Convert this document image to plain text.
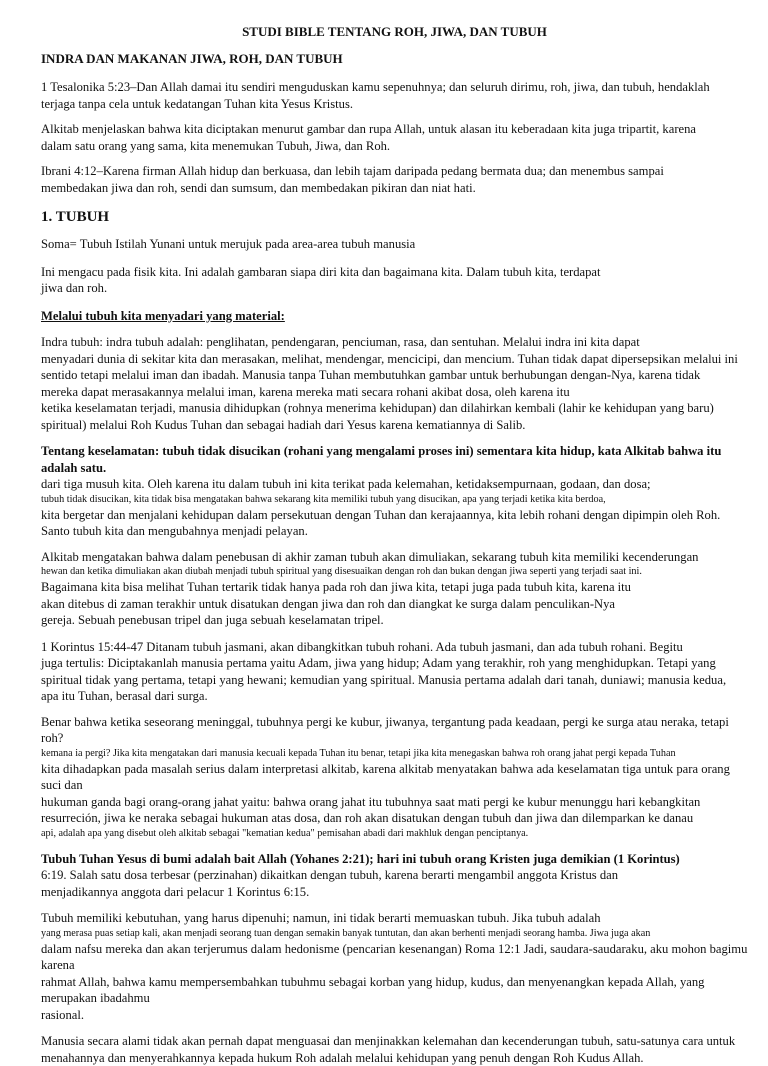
STUDI BIBLE TENTANG ROH, JIWA, DAN TUBUH
INDRA DAN MAKANAN JIWA, ROH, DAN TUBUH

1 Tesalonika 5:23–Dan Allah damai itu sendiri menguduskan kamu sepenuhnya; dan seluruh dirimu, roh, jiwa, dan tubuh, hendaklah
terjaga tanpa cela untuk kedatangan Tuhan kita Yesus Kristus.

Alkitab menjelaskan bahwa kita diciptakan menurut gambar dan rupa Allah, untuk alasan itu keberadaan kita juga tripartit, karena
dalam satu orang yang sama, kita menemukan Tubuh, Jiwa, dan Roh.

Ibrani 4:12–Karena firman Allah hidup dan berkuasa, dan lebih tajam daripada pedang bermata dua; dan menembus sampai
membedakan jiwa dan roh, sendi dan sumsum, dan membedakan pikiran dan niat hati.

1. TUBUH

Soma= Tubuh Istilah Yunani untuk merujuk pada area-area tubuh manusia

Ini mengacu pada fisik kita. Ini adalah gambaran siapa diri kita dan bagaimana kita. Dalam tubuh kita, terdapat
jiwa dan roh.

Melalui tubuh kita menyadari yang material:

Indra tubuh: indra tubuh adalah: penglihatan, pendengaran, penciuman, rasa, dan sentuhan. Melalui indra ini kita dapat
menyadari dunia di sekitar kita dan merasakan, melihat, mendengar, mencicipi, dan mencium. Tuhan tidak dapat dipersepsikan melalui ini
sentido tetapi melalui iman dan ibadah. Manusia tanpa Tuhan membutuhkan gambar untuk berhubungan dengan-Nya, karena tidak
mereka dapat merasakannya melalui iman, karena mereka mati secara rohani akibat dosa, oleh karena itu
ketika keselamatan terjadi, manusia dihidupkan (rohnya menerima kehidupan) dan dilahirkan kembali (lahir ke kehidupan yang baru)
spiritual) melalui Roh Kudus Tuhan dan sebagai hadiah dari Yesus karena kematiannya di Salib.

Tentang keselamatan: tubuh tidak disucikan (rohani yang mengalami proses ini) sementara kita hidup, kata Alkitab bahwa itu adalah satu.
dari tiga musuh kita. Oleh karena itu dalam tubuh ini kita terikat pada kelemahan, ketidaksempurnaan, godaan, dan dosa;
tubuh tidak disucikan, kita tidak bisa mengatakan bahwa sekarang kita memiliki tubuh yang disucikan, apa yang terjadi ketika kita berdoa,
kita bergetar dan menjalani kehidupan dalam persekutuan dengan Tuhan dan kerajaannya, kita lebih rohani dengan dipimpin oleh Roh.
Santo tubuh kita dan mengubahnya menjadi pelayan.

Alkitab mengatakan bahwa dalam penebusan di akhir zaman tubuh akan dimuliakan, sekarang tubuh kita memiliki kecenderungan
hewan dan ketika dimuliakan akan diubah menjadi tubuh spiritual yang disesuaikan dengan roh dan bukan dengan jiwa seperti yang terjadi saat ini.
Bagaimana kita bisa melihat Tuhan tertarik tidak hanya pada roh dan jiwa kita, tetapi juga pada tubuh kita, karena itu
akan ditebus di zaman terakhir untuk disatukan dengan jiwa dan roh dan diangkat ke surga dalam penculikan-Nya
gereja. Sebuah penebusan tripel dan juga sebuah keselamatan tripel.

1 Korintus 15:44-47 Ditanam tubuh jasmani, akan dibangkitkan tubuh rohani. Ada tubuh jasmani, dan ada tubuh rohani. Begitu
juga tertulis: Diciptakanlah manusia pertama yaitu Adam, jiwa yang hidup; Adam yang terakhir, roh yang menghidupkan. Tetapi yang
spiritual tidak yang pertama, tetapi yang hewani; kemudian yang spiritual. Manusia pertama adalah dari tanah, duniawi; manusia kedua,
apa itu Tuhan, berasal dari surga.

Benar bahwa ketika seseorang meninggal, tubuhnya pergi ke kubur, jiwanya, tergantung pada keadaan, pergi ke surga atau neraka, tetapi roh?
kemana ia pergi? Jika kita mengatakan dari manusia kecuali kepada Tuhan itu benar, tetapi jika kita menegaskan bahwa roh orang jahat pergi kepada Tuhan
kita dihadapkan pada masalah serius dalam interpretasi alkitab, karena alkitab menyatakan bahwa ada keselamatan tiga untuk para orang suci dan
hukuman ganda bagi orang-orang jahat yaitu: bahwa orang jahat itu tubuhnya saat mati pergi ke kubur menunggu hari kebangkitan
resurreción, jiwa ke neraka sebagai hukuman atas dosa, dan roh akan disatukan dengan tubuh dan jiwa dan dilemparkan ke danau
api, adalah apa yang disebut oleh alkitab sebagai "kematian kedua" pemisahan abadi dari makhluk dengan penciptanya.

Tubuh Tuhan Yesus di bumi adalah bait Allah (Yohanes 2:21); hari ini tubuh orang Kristen juga demikian (1 Korintus)
6:19. Salah satu dosa terbesar (perzinahan) dikaitkan dengan tubuh, karena berarti mengambil anggota Kristus dan
menjadikannya anggota dari pelacur 1 Korintus 6:15.

Tubuh memiliki kebutuhan, yang harus dipenuhi; namun, ini tidak berarti memuaskan tubuh. Jika tubuh adalah
yang merasa puas setiap kali, akan menjadi seorang tuan dengan semakin banyak tuntutan, dan akan berhenti menjadi seorang hamba. Jiwa juga akan
dalam nafsu mereka dan akan terjerumus dalam hedonisme (pencarian kesenangan) Roma 12:1 Jadi, saudara-saudaraku, aku mohon bagimu karena
rahmat Allah, bahwa kamu mempersembahkan tubuhmu sebagai korban yang hidup, kudus, dan menyenangkan kepada Allah, yang merupakan ibadahmu
rasional.

Manusia secara alami tidak akan pernah dapat menguasai dan menjinakkan kelemahan dan kecenderungan tubuh, satu-satunya cara untuk
menahannya dan menyerahkannya kepada hukum Roh adalah melalui kehidupan yang penuh dengan Roh Kudus Allah.
